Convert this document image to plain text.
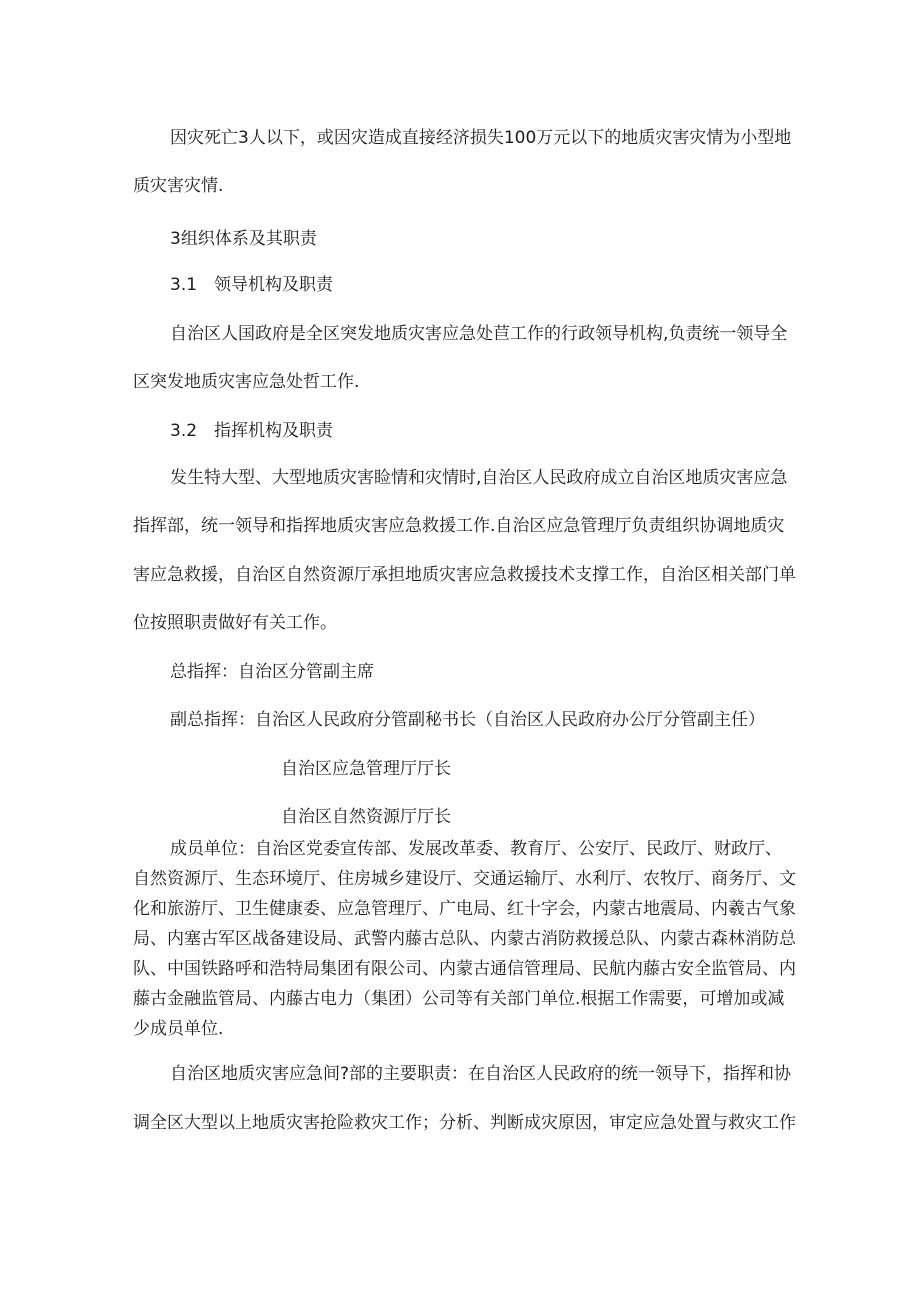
因灾死亡3人以下，或因灾造成直接经济损失100万元以下的地质灾害灾情为小型地

质灾害灾情.

3组织体系及其职责

3.1 领导机构及职责

自治区人国政府是全区突发地质灾害应急处苣工作的行政领导机构,负责统一领导全

区突发地质灾害应急处哲工作.

3.2 指挥机构及职责

发生特大型、大型地质灾害睑情和灾情时,自治区人民政府成立自治区地质灾害应急

指挥部，统一领导和指挥地质灾害应急救援工作.自治区应急管理厅负责组织协调地质灾

害应急救援，自治区自然资源厅承担地质灾害应急救援技术支撑工作，自治区相关部门单

位按照职责做好有关工作。

总指挥：自治区分管副主席

副总指挥：自治区人民政府分管副秘书长（自治区人民政府办公厅分管副主任）

自治区应急管理厅厅长

自治区自然资源厅厅长

成员单位：自治区党委宣传部、发展改革委、教育厅、公安厅、民政厅、财政厅、

自然资源厅、生态环境厅、住房城乡建设厅、交通运输厅、水利厅、农牧厅、商务厅、文

化和旅游厅、卫生健康委、应急管理厅、广电局、红十字会，内蒙古地震局、内羲古气象

局、内塞古军区战备建设局、武警内藤古总队、内蒙古消防救援总队、内蒙古森林消防总

队、中国铁路呼和浩特局集团有限公司、内蒙古通信管理局、民航内藤古安全监管局、内

藤古金融监管局、内藤古电力（集团）公司等有关部门单位.根据工作需要，可增加或减

少成员单位.

自治区地质灾害应急间?部的主要职责：在自治区人民政府的统一领导下，指挥和协

调全区大型以上地质灾害抢险救灾工作；分析、判断成灾原因，审定应急处置与救灾工作
